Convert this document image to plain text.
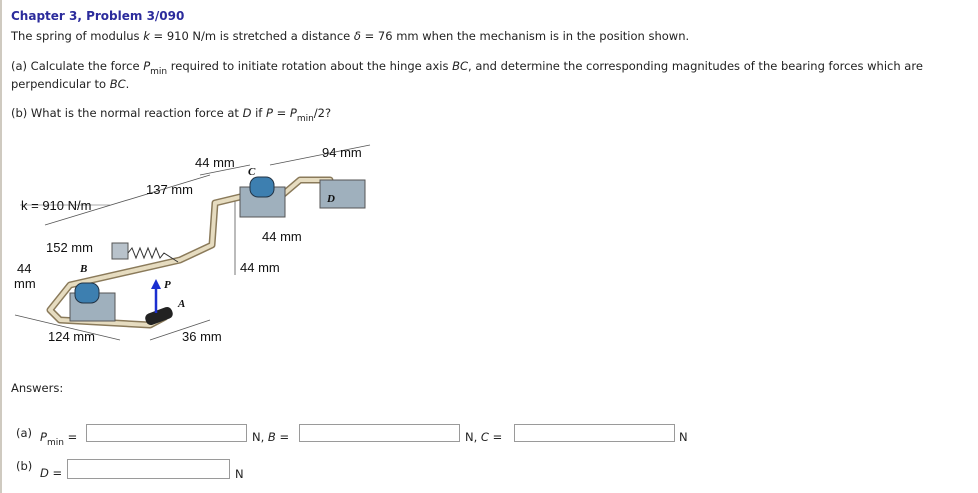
Chapter 3, Problem 3/090
The spring of modulus k = 910 N/m is stretched a distance δ = 76 mm when the mechanism is in the position shown.
(a) Calculate the force $P_{min}$ required to initiate rotation about the hinge axis BC, and determine the corresponding magnitudes of the bearing forces which are
perpendicular to BC.
(b) What is the normal reaction force at D if $P = P_{min}/2$?
94 mm
44 mm
137 mm
k = 910 N/m
44 mm
152 mm
44 mm
44
mm
124 mm	36 mm
B
C
D
P
A
Answers:
(a) $P_{min}$ =	N, B =	N, C =	N
(b) D =	N
